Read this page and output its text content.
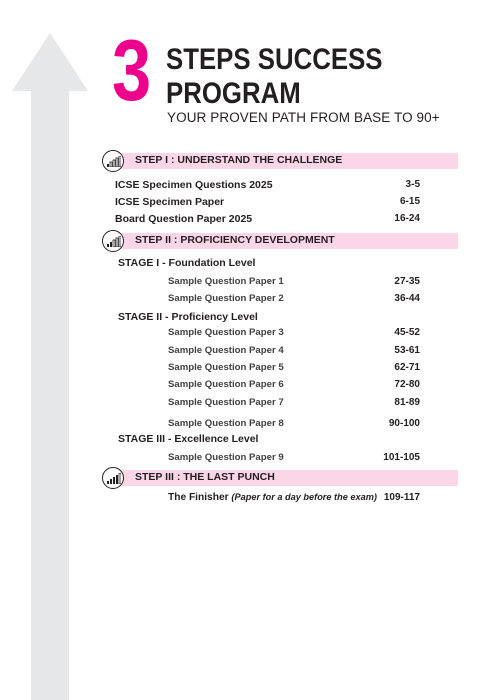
3 STEPS SUCCESS
PROGRAM
YOUR PROVEN PATH FROM BASE TO 90+
STEP I : UNDERSTAND THE CHALLENGE
ICSE Specimen Questions 2025	3-5
ICSE Specimen Paper	6-15
Board Question Paper 2025	16-24
STEP II : PROFICIENCY DEVELOPMENT
STAGE I - Foundation Level
Sample Question Paper 1	27-35
Sample Question Paper 2	36-44
STAGE II - Proficiency Level
Sample Question Paper 3	45-52
Sample Question Paper 4	53-61
Sample Question Paper 5	62-71
Sample Question Paper 6	72-80
Sample Question Paper 7	81-89
Sample Question Paper 8	90-100
STAGE III - Excellence Level
Sample Question Paper 9	101-105
STEP III : THE LAST PUNCH
The Finisher (Paper for a day before the exam) 109-117
